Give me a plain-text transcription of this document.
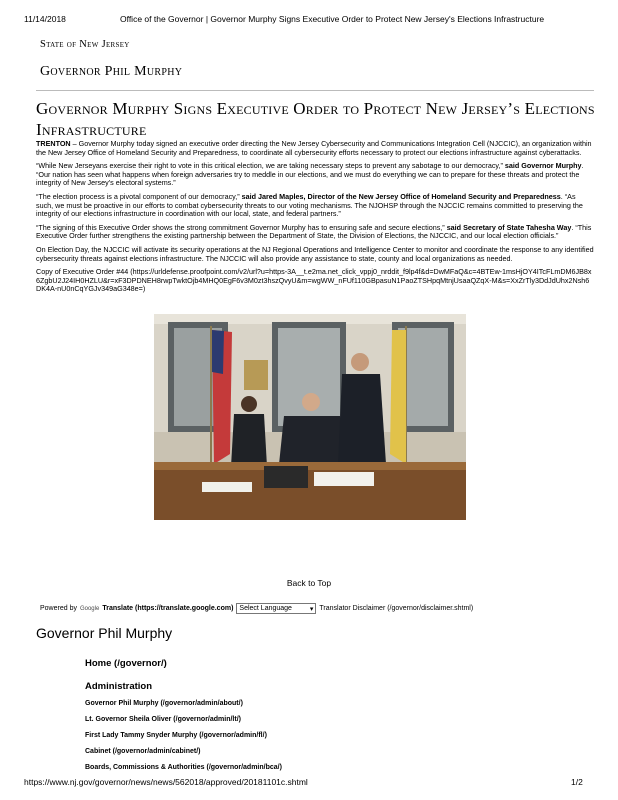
11/14/2018	Office of the Governor | Governor Murphy Signs Executive Order to Protect New Jersey's Elections Infrastructure
State of New Jersey
Governor Phil Murphy
Governor Murphy Signs Executive Order to Protect New Jersey’s Elections Infrastructure

TRENTON – Governor Murphy today signed an executive order directing the New Jersey Cybersecurity and Communications Integration Cell (NJCCIC), an organization within the New Jersey Office of Homeland Security and Preparedness, to coordinate all cybersecurity efforts necessary to protect our elections infrastructure against cyberattacks.

“While New Jerseyans exercise their right to vote in this critical election, we are taking necessary steps to prevent any sabotage to our democracy,” said Governor Murphy. “Our nation has seen what happens when foreign adversaries try to meddle in our elections, and we must do everything we can to prepare for these threats and protect the integrity of New Jersey’s electoral systems.”

“The election process is a pivotal component of our democracy,” said Jared Maples, Director of the New Jersey Office of Homeland Security and Preparedness. “As such, we must be proactive in our efforts to combat cybersecurity threats to our voting mechanisms. The NJOHSP through the NJCCIC remains committed to preserving the integrity of our elections infrastructure in coordination with our local, state, and federal partners.”

“The signing of this Executive Order shows the strong commitment Governor Murphy has to ensuring safe and secure elections,” said Secretary of State Tahesha Way. “This Executive Order further strengthens the existing partnership between the Department of State, the Division of Elections, the NJCCIC, and our local election officials.”

On Election Day, the NJCCIC will activate its security operations at the NJ Regional Operations and Intelligence Center to monitor and coordinate the response to any identified cybersecurity threats against elections infrastructure. The NJCCIC will also provide any assistance to state, county and local organizations as needed.

Copy of Executive Order #44 (https://urldefense.proofpoint.com/v2/url?u=https-3A__t.e2ma.net_click_vppj0_nrddit_f9lp4f&d=DwMFaQ&c=4BTEw-1msHjOY4ITcFLmDM6JB8x6ZgbU2J24IH0HZLU&r=xF3DPDNEH8rwpTwktOjb4MHQ0EgF6v3M0zt3hszQvyU&m=wgWW_nFUf110GBpasuN1PaoZTSHpqMtnjUsaaQZqX-M&s=XxZrTly3DdJdUhx2Nsh6DK4A-nU0nCqYGJv349aG348e=)

Back to Top
Powered by Google Translate (https://translate.google.com) Select Language	▾ Translator Disclaimer (/governor/disclaimer.shtml)
Governor Phil Murphy
Home (/governor/)
Administration
Governor Phil Murphy (/governor/admin/about/)
Lt. Governor Sheila Oliver (/governor/admin/lt/)
First Lady Tammy Snyder Murphy (/governor/admin/fl/)
Cabinet (/governor/admin/cabinet/)
Boards, Commissions & Authorities (/governor/admin/bca/)
https://www.nj.gov/governor/news/news/562018/approved/20181101c.shtml	1/2
